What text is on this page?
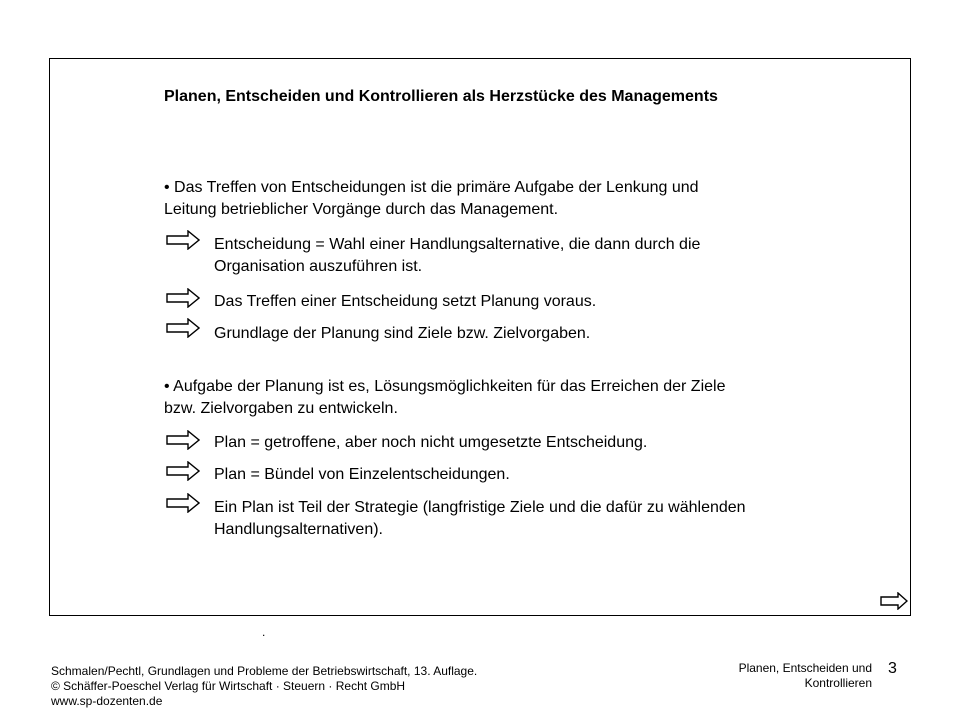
Planen, Entscheiden und Kontrollieren als Herzstücke des Managements
• Das Treffen von Entscheidungen ist die primäre Aufgabe der Lenkung und
Leitung betrieblicher Vorgänge durch das Management.
Entscheidung = Wahl einer Handlungsalternative, die dann durch die
Organisation auszuführen ist.
Das Treffen einer Entscheidung setzt Planung voraus.
Grundlage der Planung sind Ziele bzw. Zielvorgaben.
• Aufgabe der Planung ist es, Lösungsmöglichkeiten für das Erreichen der Ziele
bzw. Zielvorgaben zu entwickeln.
Plan = getroffene, aber noch nicht umgesetzte Entscheidung.
Plan = Bündel von Einzelentscheidungen.
Ein Plan ist Teil der Strategie (langfristige Ziele und die dafür zu wählenden
Handlungsalternativen).
.
Schmalen/Pechtl, Grundlagen und Probleme der Betriebswirtschaft, 13. Auflage.
© Schäffer-Poeschel Verlag für Wirtschaft · Steuern · Recht GmbH
www.sp-dozenten.de
Planen, Entscheiden und
Kontrollieren
3
